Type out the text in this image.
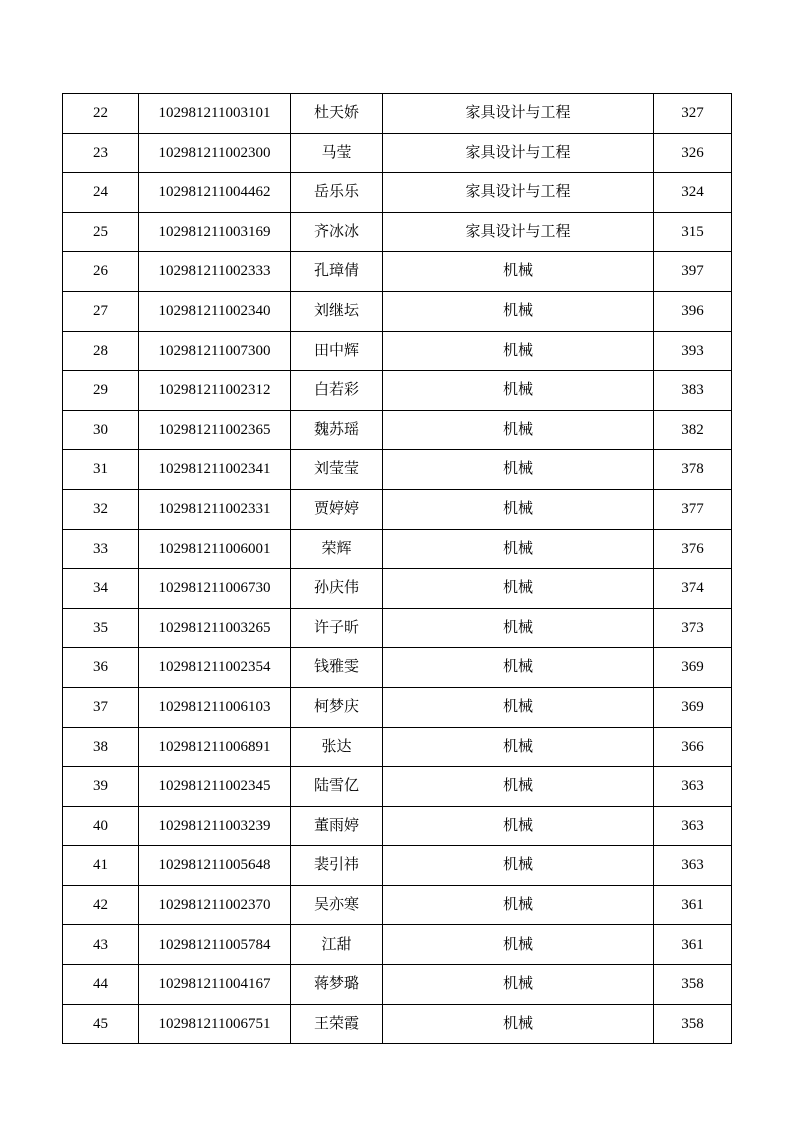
22	102981211003101	杜天娇	家具设计与工程	327
23	102981211002300	马莹	家具设计与工程	326
24	102981211004462	岳乐乐	家具设计与工程	324
25	102981211003169	齐冰冰	家具设计与工程	315
26	102981211002333	孔璋倩	机械	397
27	102981211002340	刘继坛	机械	396
28	102981211007300	田中辉	机械	393
29	102981211002312	白若彩	机械	383
30	102981211002365	魏苏瑶	机械	382
31	102981211002341	刘莹莹	机械	378
32	102981211002331	贾婷婷	机械	377
33	102981211006001	荣辉	机械	376
34	102981211006730	孙庆伟	机械	374
35	102981211003265	许子昕	机械	373
36	102981211002354	钱雅雯	机械	369
37	102981211006103	柯梦庆	机械	369
38	102981211006891	张达	机械	366
39	102981211002345	陆雪亿	机械	363
40	102981211003239	董雨婷	机械	363
41	102981211005648	裴引祎	机械	363
42	102981211002370	吴亦寒	机械	361
43	102981211005784	江甜	机械	361
44	102981211004167	蒋梦璐	机械	358
45	102981211006751	王荣霞	机械	358
